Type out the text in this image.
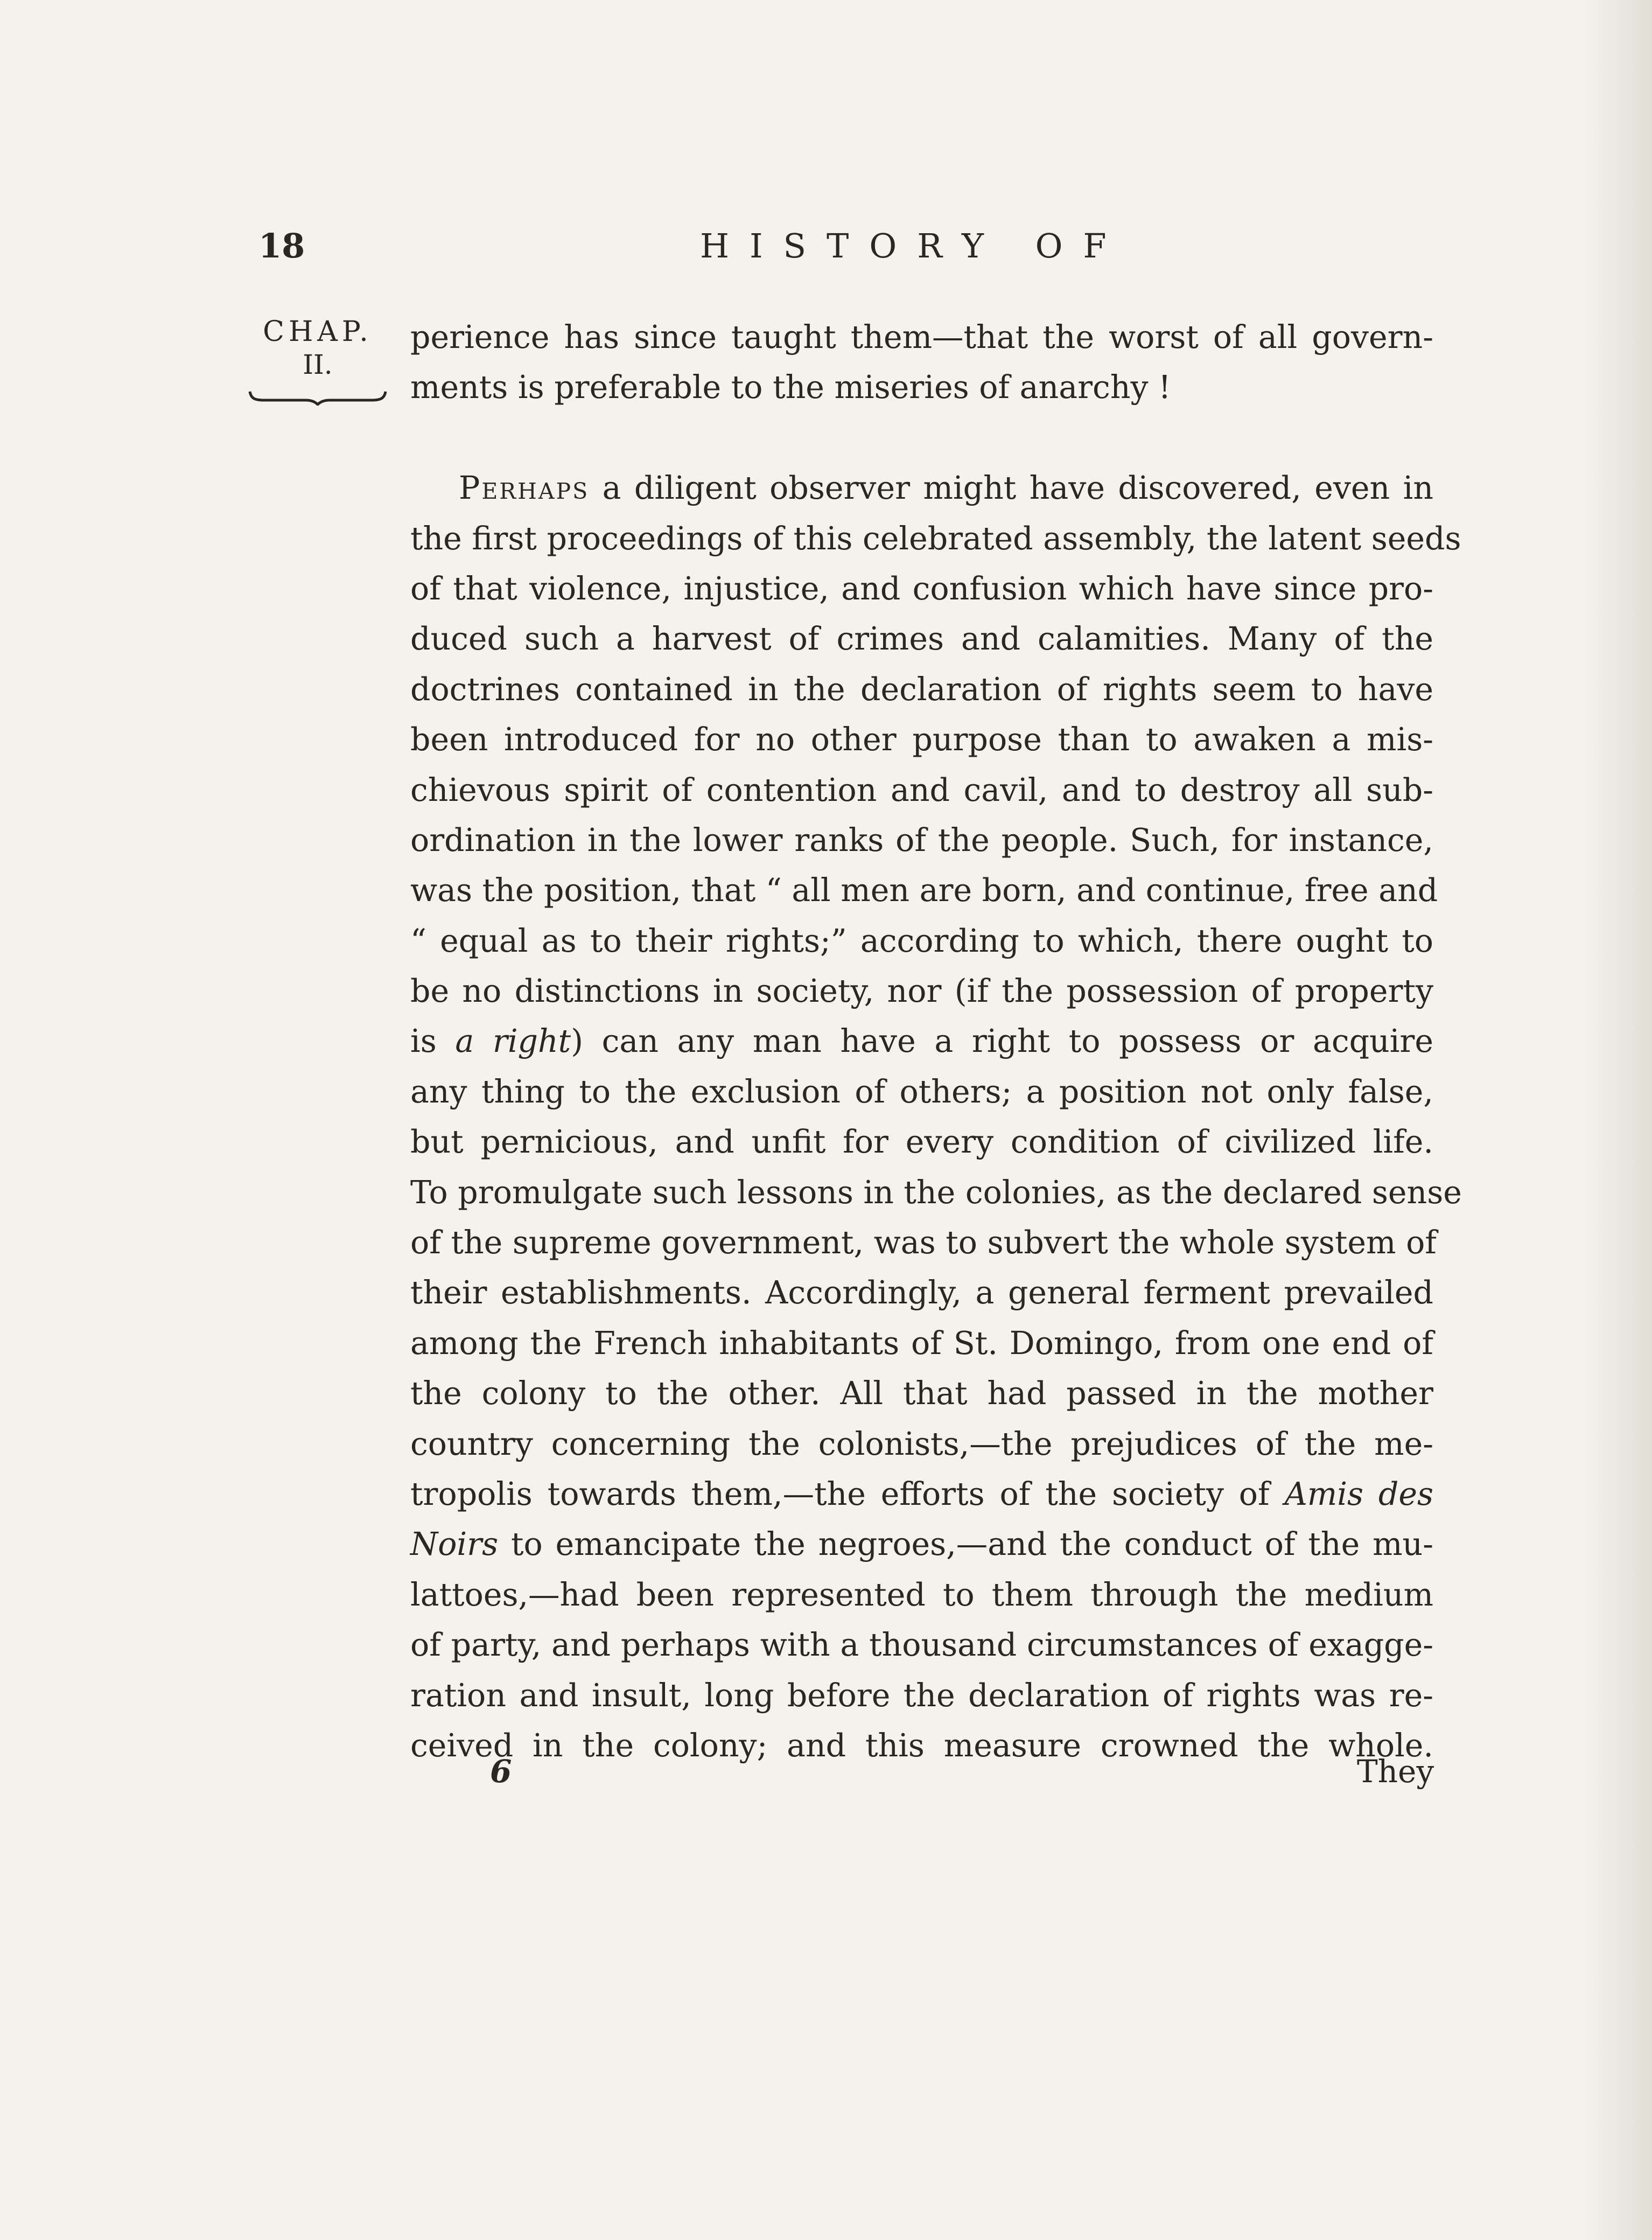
18	HISTORY OF
CHAP.
II.
perience has since taught them—that the worst of all govern-
ments is preferable to the miseries of anarchy !
Perhaps a diligent observer might have discovered, even in
the first proceedings of this celebrated assembly, the latent seeds
of that violence, injustice, and confusion which have since pro-
duced such a harvest of crimes and calamities. Many of the
doctrines contained in the declaration of rights seem to have
been introduced for no other purpose than to awaken a mis-
chievous spirit of contention and cavil, and to destroy all sub-
ordination in the lower ranks of the people. Such, for instance,
was the position, that “ all men are born, and continue, free and
“ equal as to their rights;” according to which, there ought to
be no distinctions in society, nor (if the possession of property
is a right) can any man have a right to possess or acquire
any thing to the exclusion of others; a position not only false,
but pernicious, and unfit for every condition of civilized life.
To promulgate such lessons in the colonies, as the declared sense
of the supreme government, was to subvert the whole system of
their establishments. Accordingly, a general ferment prevailed
among the French inhabitants of St. Domingo, from one end of
the colony to the other. All that had passed in the mother
country concerning the colonists,—the prejudices of the me-
tropolis towards them,—the efforts of the society of Amis des
Noirs to emancipate the negroes,—and the conduct of the mu-
lattoes,—had been represented to them through the medium
of party, and perhaps with a thousand circumstances of exagge-
ration and insult, long before the declaration of rights was re-
ceived in the colony; and this measure crowned the whole.
6	They
